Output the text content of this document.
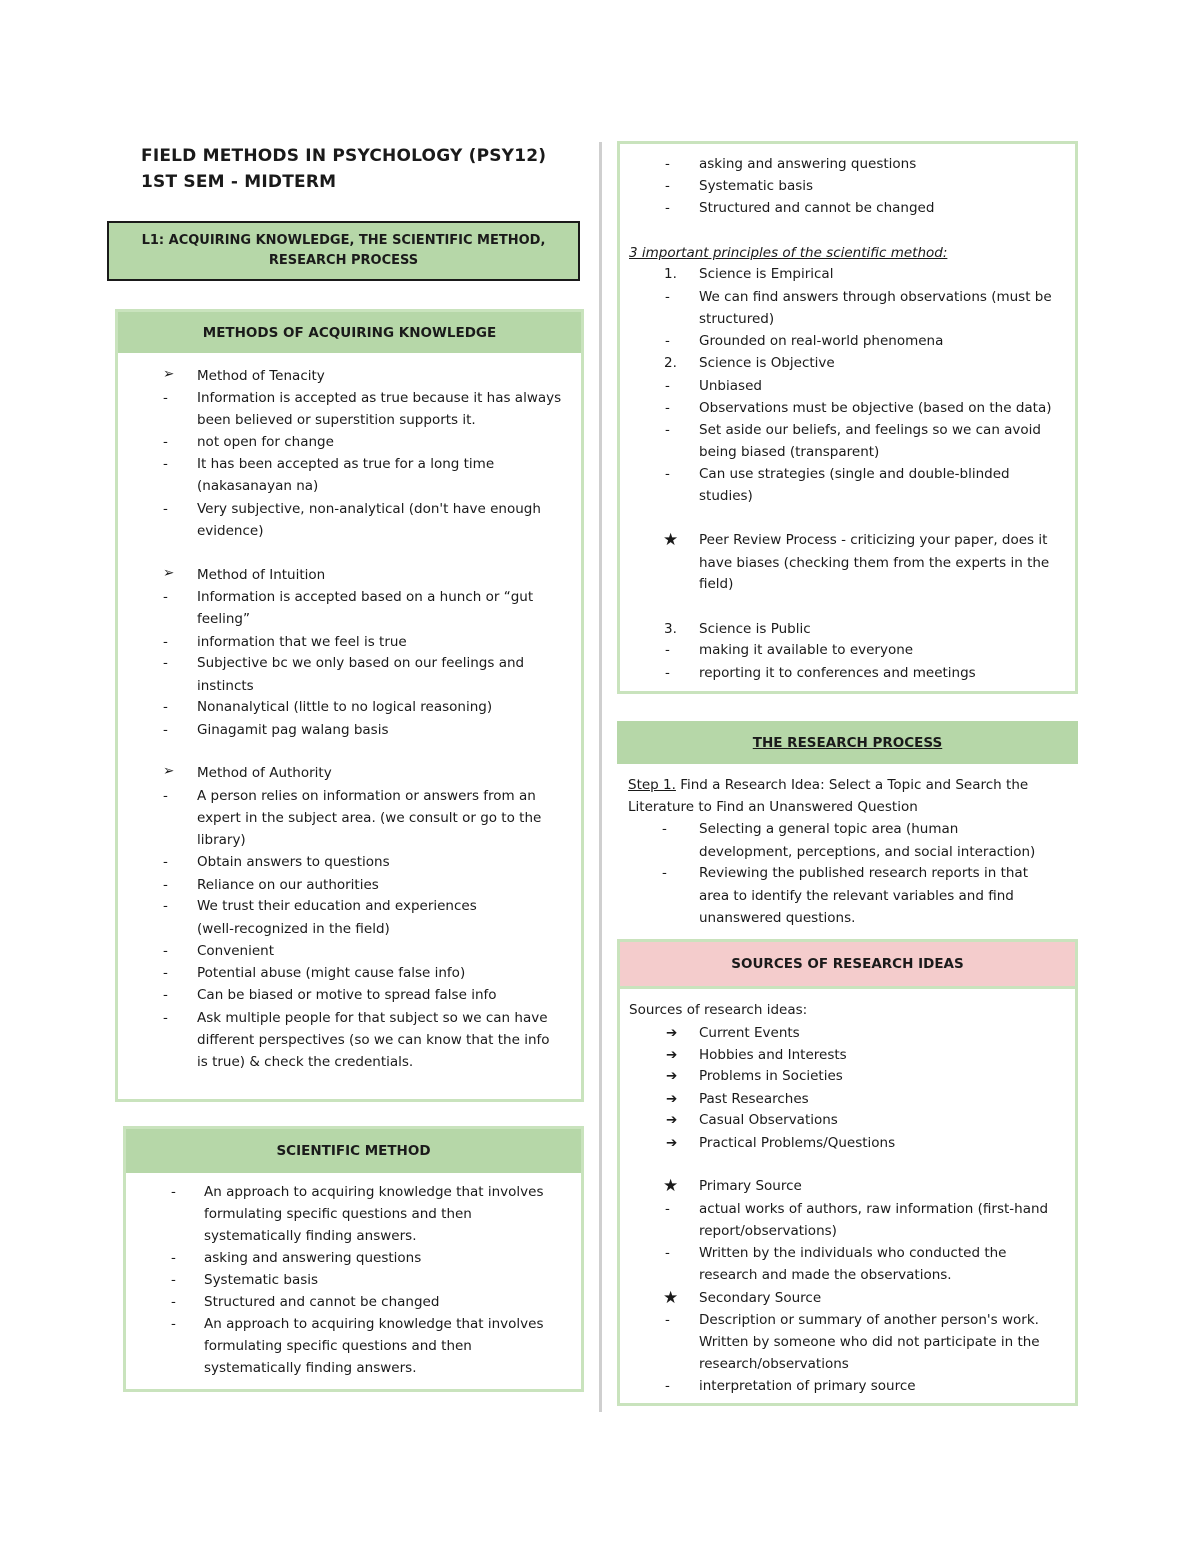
FIELD METHODS IN PSYCHOLOGY (PSY12)
1ST SEM - MIDTERM
L1: ACQUIRING KNOWLEDGE, THE SCIENTIFIC METHOD,
RESEARCH PROCESS
METHODS OF ACQUIRING KNOWLEDGE
➢ Method of Tenacity
- Information is accepted as true because it has always
been believed or superstition supports it.
- not open for change
- It has been accepted as true for a long time
(nakasanayan na)
- Very subjective, non-analytical (don't have enough
evidence)
➢ Method of Intuition
- Information is accepted based on a hunch or “gut
feeling”
- information that we feel is true
- Subjective bc we only based on our feelings and
instincts
- Nonanalytical (little to no logical reasoning)
- Ginagamit pag walang basis
➢ Method of Authority
- A person relies on information or answers from an
expert in the subject area. (we consult or go to the
library)
- Obtain answers to questions
- Reliance on our authorities
- We trust their education and experiences
(well-recognized in the field)
- Convenient
- Potential abuse (might cause false info)
- Can be biased or motive to spread false info
- Ask multiple people for that subject so we can have
different perspectives (so we can know that the info
is true) & check the credentials.
SCIENTIFIC METHOD
- An approach to acquiring knowledge that involves
formulating specific questions and then
systematically finding answers.
- asking and answering questions
- Systematic basis
- Structured and cannot be changed
- An approach to acquiring knowledge that involves
formulating specific questions and then
systematically finding answers.
- asking and answering questions
- Systematic basis
- Structured and cannot be changed
3 important principles of the scientific method:
1. Science is Empirical
- We can find answers through observations (must be
structured)
- Grounded on real-world phenomena
2. Science is Objective
- Unbiased
- Observations must be objective (based on the data)
- Set aside our beliefs, and feelings so we can avoid
being biased (transparent)
- Can use strategies (single and double-blinded
studies)
★ Peer Review Process - criticizing your paper, does it
have biases (checking them from the experts in the
field)
3. Science is Public
- making it available to everyone
- reporting it to conferences and meetings
THE RESEARCH PROCESS
Step 1. Find a Research Idea: Select a Topic and Search the
Literature to Find an Unanswered Question
- Selecting a general topic area (human
development, perceptions, and social interaction)
- Reviewing the published research reports in that
area to identify the relevant variables and find
unanswered questions.
SOURCES OF RESEARCH IDEAS
Sources of research ideas:
➔ Current Events
➔ Hobbies and Interests
➔ Problems in Societies
➔ Past Researches
➔ Casual Observations
➔ Practical Problems/Questions
★ Primary Source
- actual works of authors, raw information (first-hand
report/observations)
- Written by the individuals who conducted the
research and made the observations.
★ Secondary Source
- Description or summary of another person's work.
Written by someone who did not participate in the
research/observations
- interpretation of primary source
